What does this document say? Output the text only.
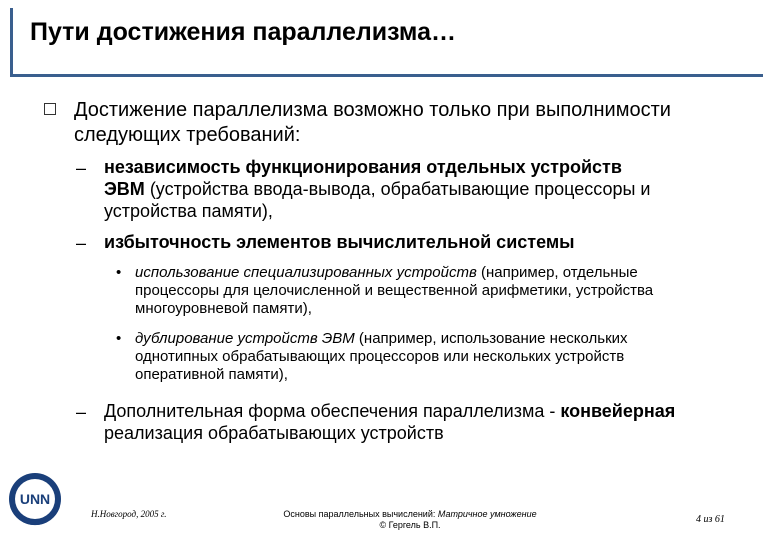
Пути достижения параллелизма…
Достижение параллелизма возможно только при выполнимости следующих требований:
– независимость функционирования отдельных устройств ЭВМ (устройства ввода-вывода, обрабатывающие процессоры и устройства памяти),
– избыточность элементов вычислительной системы
• использование специализированных устройств (например, отдельные процессоры для целочисленной и вещественной арифметики, устройства многоуровневой памяти),
• дублирование устройств ЭВМ (например, использование нескольких однотипных обрабатывающих процессоров или нескольких устройств оперативной памяти),
– Дополнительная форма обеспечения параллелизма - конвейерная реализация обрабатывающих устройств
UNN
Н.Новгород, 2005 г.	Основы параллельных вычислений: Матричное умножение
© Гергель В.П.	4 из 61
